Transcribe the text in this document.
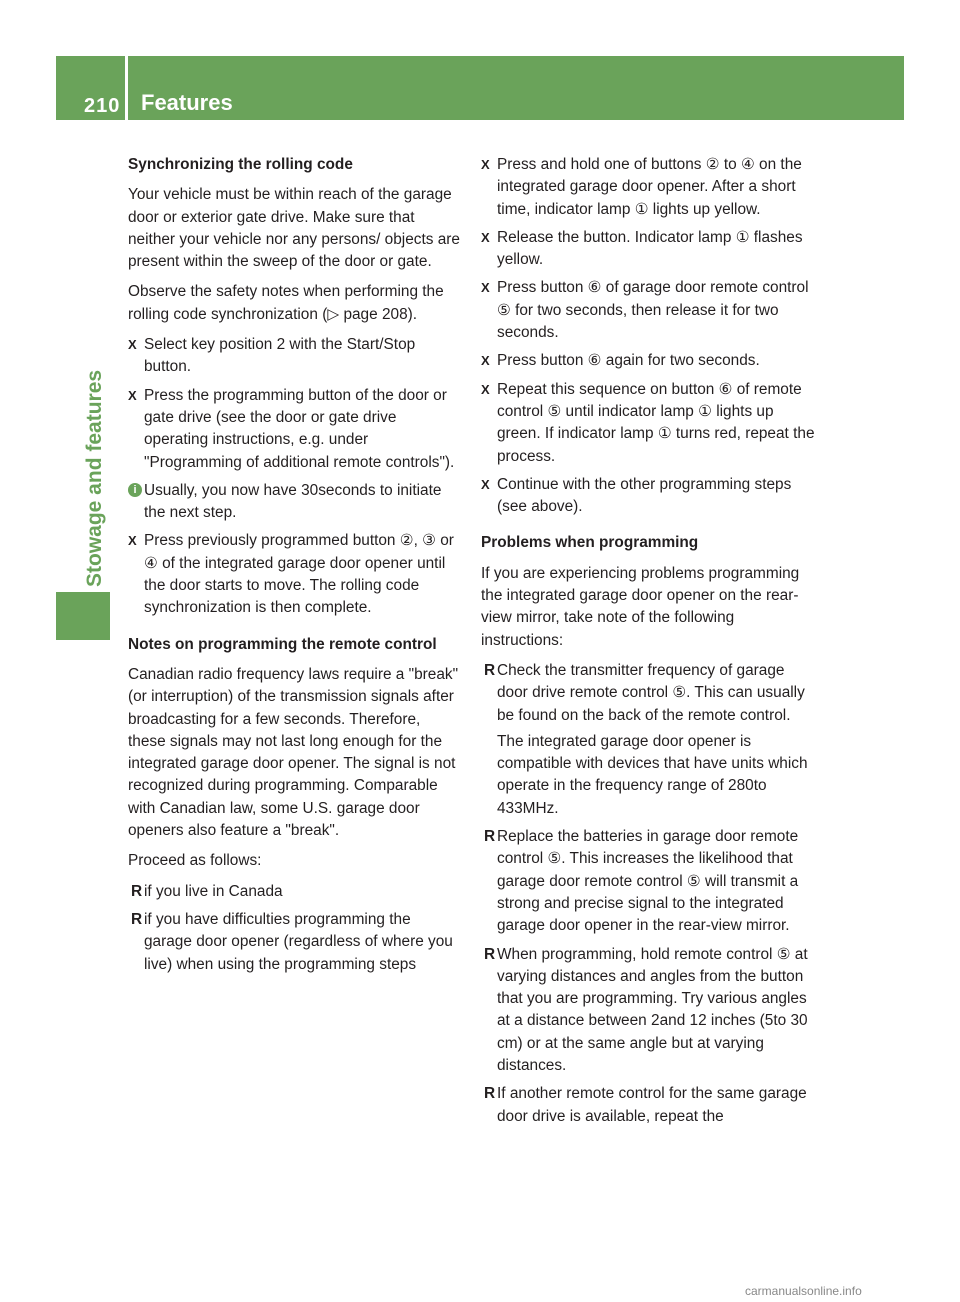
210 Features
Stowage and features

Synchronizing the rolling code

Your vehicle must be within reach of the garage door or exterior gate drive. Make sure that neither your vehicle nor any persons/ objects are present within the sweep of the door or gate.

Observe the safety notes when performing the rolling code synchronization (▷ page 208).

X Select key position 2 with the Start/Stop button.
X Press the programming button of the door or gate drive (see the door or gate drive operating instructions, e.g. under "Programming of additional remote controls").
i Usually, you now have 30seconds to initiate the next step.
X Press previously programmed button ②, ③ or ④ of the integrated garage door opener until the door starts to move. The rolling code synchronization is then complete.

Notes on programming the remote control

Canadian radio frequency laws require a "break" (or interruption) of the transmission signals after broadcasting for a few seconds. Therefore, these signals may not last long enough for the integrated garage door opener. The signal is not recognized during programming. Comparable with Canadian law, some U.S. garage door openers also feature a "break".

Proceed as follows:

R if you live in Canada
R if you have difficulties programming the garage door opener (regardless of where you live) when using the programming steps
X Press and hold one of buttons ② to ④ on the integrated garage door opener. After a short time, indicator lamp ① lights up yellow.
X Release the button. Indicator lamp ① flashes yellow.
X Press button ⑥ of garage door remote control ⑤ for two seconds, then release it for two seconds.
X Press button ⑥ again for two seconds.
X Repeat this sequence on button ⑥ of remote control ⑤ until indicator lamp ① lights up green. If indicator lamp ① turns red, repeat the process.
X Continue with the other programming steps (see above).

Problems when programming

If you are experiencing problems programming the integrated garage door opener on the rear-view mirror, take note of the following instructions:

R Check the transmitter frequency of garage door drive remote control ⑤. This can usually be found on the back of the remote control.
The integrated garage door opener is compatible with devices that have units which operate in the frequency range of 280to 433MHz.
R Replace the batteries in garage door remote control ⑤. This increases the likelihood that garage door remote control ⑤ will transmit a strong and precise signal to the integrated garage door opener in the rear-view mirror.
R When programming, hold remote control ⑤ at varying distances and angles from the button that you are programming. Try various angles at a distance between 2and 12 inches (5to 30 cm) or at the same angle but at varying distances.
R If another remote control for the same garage door drive is available, repeat the
carmanualsonline.info
